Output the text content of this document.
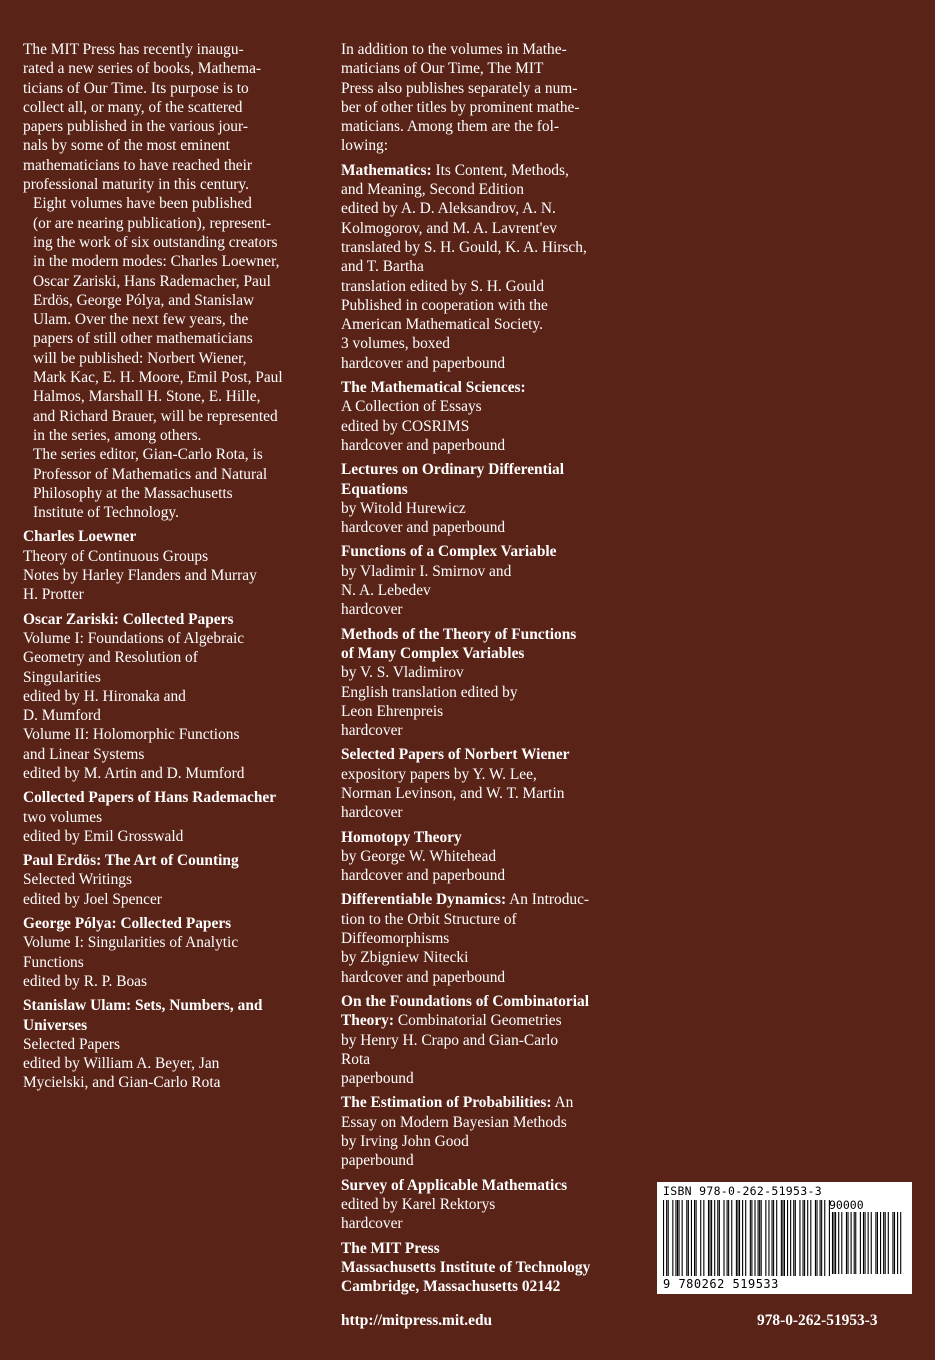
The MIT Press has recently inaugu-
rated a new series of books, Mathema-
ticians of Our Time. Its purpose is to
collect all, or many, of the scattered
papers published in the various jour-
nals by some of the most eminent
mathematicians to have reached their
professional maturity in this century.

Eight volumes have been published
(or are nearing publication), represent-
ing the work of six outstanding creators
in the modern modes: Charles Loewner,
Oscar Zariski, Hans Rademacher, Paul
Erdös, George Pólya, and Stanislaw
Ulam. Over the next few years, the
papers of still other mathematicians
will be published: Norbert Wiener,
Mark Kac, E. H. Moore, Emil Post, Paul
Halmos, Marshall H. Stone, E. Hille,
and Richard Brauer, will be represented
in the series, among others.

The series editor, Gian-Carlo Rota, is
Professor of Mathematics and Natural
Philosophy at the Massachusetts
Institute of Technology.

Charles Loewner
Theory of Continuous Groups
Notes by Harley Flanders and Murray
H. Protter
Oscar Zariski: Collected Papers
Volume I: Foundations of Algebraic
Geometry and Resolution of
Singularities
edited by H. Hironaka and
D. Mumford
Volume II: Holomorphic Functions
and Linear Systems
edited by M. Artin and D. Mumford
Collected Papers of Hans Rademacher
two volumes
edited by Emil Grosswald
Paul Erdös: The Art of Counting
Selected Writings
edited by Joel Spencer
George Pólya: Collected Papers
Volume I: Singularities of Analytic
Functions
edited by R. P. Boas
Stanislaw Ulam: Sets, Numbers, and
Universes
Selected Papers
edited by William A. Beyer, Jan
Mycielski, and Gian-Carlo Rota

In addition to the volumes in Mathe-
maticians of Our Time, The MIT
Press also publishes separately a num-
ber of other titles by prominent mathe-
maticians. Among them are the fol-
lowing:

Mathematics: Its Content, Methods,
and Meaning, Second Edition
edited by A. D. Aleksandrov, A. N.
Kolmogorov, and M. A. Lavrent'ev
translated by S. H. Gould, K. A. Hirsch,
and T. Bartha
translation edited by S. H. Gould
Published in cooperation with the
American Mathematical Society.
3 volumes, boxed
hardcover and paperbound
The Mathematical Sciences:
A Collection of Essays
edited by COSRIMS
hardcover and paperbound
Lectures on Ordinary Differential
Equations
by Witold Hurewicz
hardcover and paperbound
Functions of a Complex Variable
by Vladimir I. Smirnov and
N. A. Lebedev
hardcover
Methods of the Theory of Functions
of Many Complex Variables
by V. S. Vladimirov
English translation edited by
Leon Ehrenpreis
hardcover
Selected Papers of Norbert Wiener
expository papers by Y. W. Lee,
Norman Levinson, and W. T. Martin
hardcover
Homotopy Theory
by George W. Whitehead
hardcover and paperbound
Differentiable Dynamics: An Introduc-
tion to the Orbit Structure of
Diffeomorphisms
by Zbigniew Nitecki
hardcover and paperbound
On the Foundations of Combinatorial
Theory: Combinatorial Geometries
by Henry H. Crapo and Gian-Carlo
Rota
paperbound
The Estimation of Probabilities: An
Essay on Modern Bayesian Methods
by Irving John Good
paperbound
Survey of Applicable Mathematics
edited by Karel Rektorys
hardcover
The MIT Press
Massachusetts Institute of Technology
Cambridge, Massachusetts 02142
http://mitpress.mit.edu	978-0-262-51953-3
ISBN 978-0-262-51953-3
90000
9 780262 519533
